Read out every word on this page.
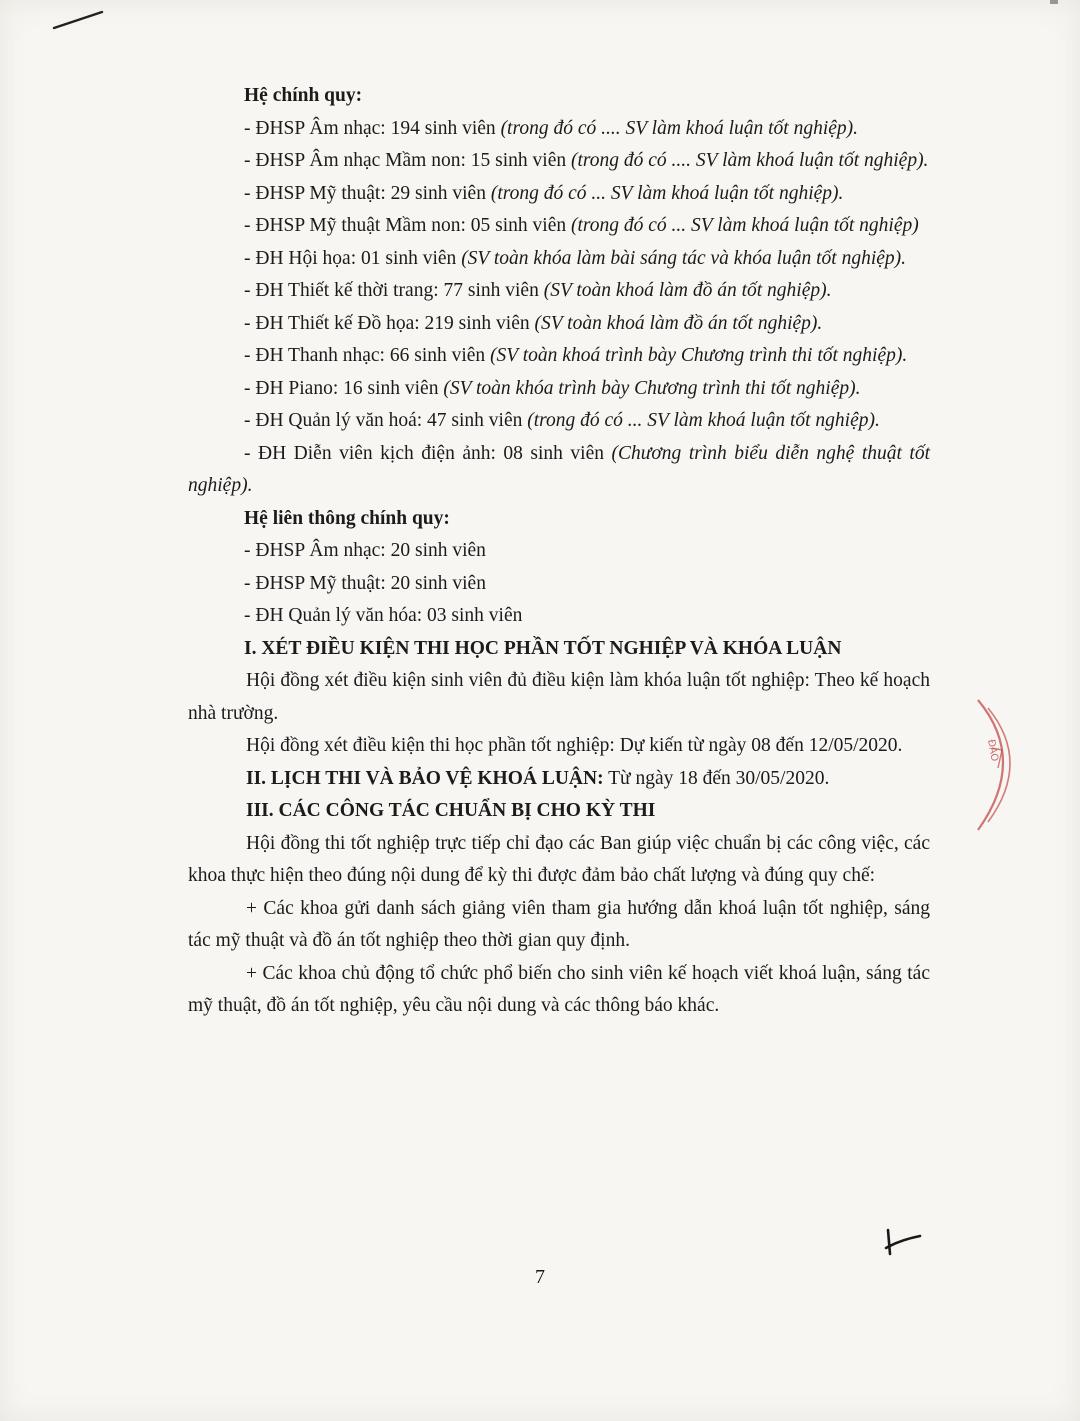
Hệ chính quy:

- ĐHSP Âm nhạc: 194 sinh viên (trong đó có .... SV làm khoá luận tốt nghiệp).

- ĐHSP Âm nhạc Mầm non: 15 sinh viên (trong đó có .... SV làm khoá luận tốt nghiệp).

- ĐHSP Mỹ thuật: 29 sinh viên (trong đó có ... SV làm khoá luận tốt nghiệp).

- ĐHSP Mỹ thuật Mầm non: 05 sinh viên (trong đó có ... SV làm khoá luận tốt nghiệp)

- ĐH Hội họa: 01 sinh viên (SV toàn khóa làm bài sáng tác và khóa luận tốt nghiệp).

- ĐH Thiết kế thời trang: 77 sinh viên (SV toàn khoá làm đồ án tốt nghiệp).

- ĐH Thiết kế Đồ họa: 219 sinh viên (SV toàn khoá làm đồ án tốt nghiệp).

- ĐH Thanh nhạc: 66 sinh viên (SV toàn khoá trình bày Chương trình thi tốt nghiệp).

- ĐH Piano: 16 sinh viên (SV toàn khóa trình bày Chương trình thi tốt nghiệp).

- ĐH Quản lý văn hoá: 47 sinh viên (trong đó có ... SV làm khoá luận tốt nghiệp).

- ĐH Diễn viên kịch điện ảnh: 08 sinh viên (Chương trình biểu diễn nghệ thuật tốt nghiệp).

Hệ liên thông chính quy:

- ĐHSP Âm nhạc: 20 sinh viên

- ĐHSP Mỹ thuật: 20 sinh viên

- ĐH Quản lý văn hóa: 03 sinh viên

I. XÉT ĐIỀU KIỆN THI HỌC PHẦN TỐT NGHIỆP VÀ KHÓA LUẬN

Hội đồng xét điều kiện sinh viên đủ điều kiện làm khóa luận tốt nghiệp: Theo kế hoạch nhà trường.

Hội đồng xét điều kiện thi học phần tốt nghiệp: Dự kiến từ ngày 08 đến 12/05/2020.

II. LỊCH THI VÀ BẢO VỆ KHOÁ LUẬN: Từ ngày 18 đến 30/05/2020.

III. CÁC CÔNG TÁC CHUẨN BỊ CHO KỲ THI

Hội đồng thi tốt nghiệp trực tiếp chỉ đạo các Ban giúp việc chuẩn bị các công việc, các khoa thực hiện theo đúng nội dung để kỳ thi được đảm bảo chất lượng và đúng quy chế:

+ Các khoa gửi danh sách giảng viên tham gia hướng dẫn khoá luận tốt nghiệp, sáng tác mỹ thuật và đồ án tốt nghiệp theo thời gian quy định.

+ Các khoa chủ động tổ chức phổ biến cho sinh viên kế hoạch viết khoá luận, sáng tác mỹ thuật, đồ án tốt nghiệp, yêu cầu nội dung và các thông báo khác.

7
ĐÀO
